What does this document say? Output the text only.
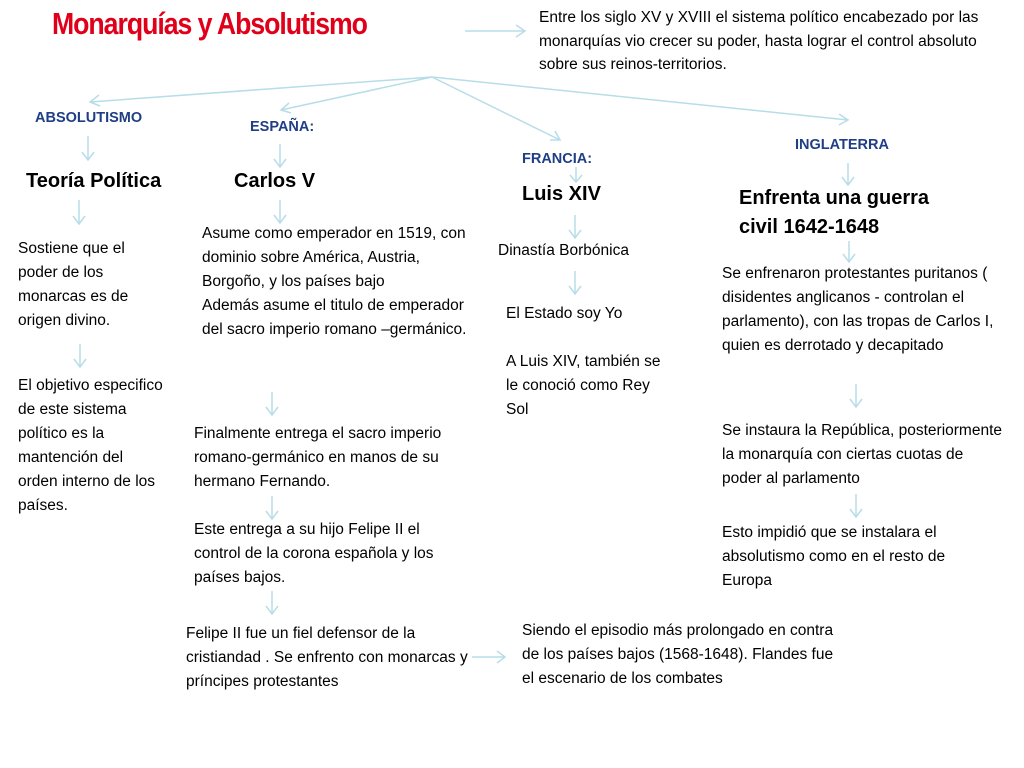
Monarquías y Absolutismo	Entre los siglo XV y XVIII el sistema político encabezado por las monarquías vio crecer su poder, hasta lograr el control absoluto sobre sus reinos-territorios.
ABSOLUTISMO
Teoría Política
Sostiene que el poder de los monarcas es de origen divino.
El objetivo especifico de este sistema político es la mantención del orden interno de los países.
ESPAÑA:
Carlos V
Asume como emperador en 1519, con dominio sobre América, Austria, Borgoño, y los países bajo
Además asume el titulo de emperador del sacro imperio romano –germánico.
Finalmente entrega el sacro imperio romano-germánico en manos de su hermano Fernando.
Este entrega a su hijo Felipe II el control de la corona española y los países bajos.
Felipe II fue un fiel defensor de la cristiandad . Se enfrento con monarcas y príncipes protestantes
Siendo el episodio más prolongado en contra de los países bajos (1568-1648). Flandes fue el escenario de los combates
FRANCIA:
Luis XIV
Dinastía Borbónica
El Estado soy Yo
A Luis XIV, también se le conoció como Rey Sol
INGLATERRA
Enfrenta una guerra civil 1642-1648
Se enfrenaron protestantes puritanos ( disidentes anglicanos - controlan el parlamento), con las tropas de Carlos I, quien es derrotado y decapitado
Se instaura la República, posteriormente la monarquía con ciertas cuotas de poder al parlamento
Esto impidió que se instalara el absolutismo como en el resto de Europa
